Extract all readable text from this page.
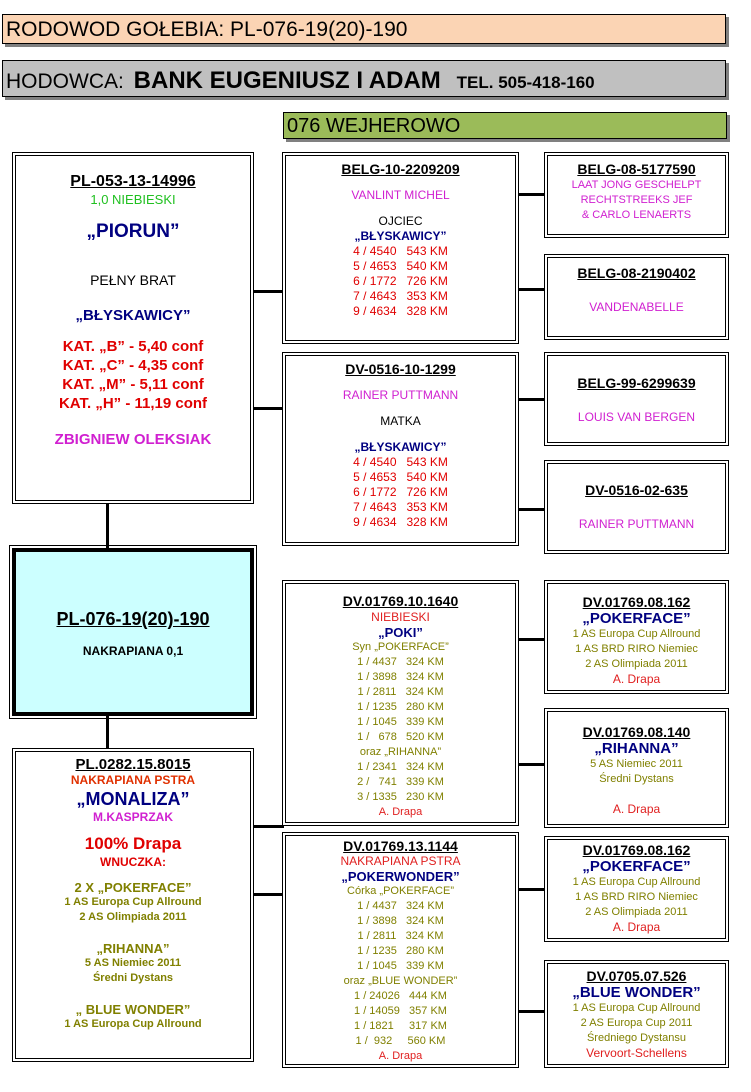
RODOWOD GOŁEBIA: PL-076-19(20)-190
HODOWCA: BANK EUGENIUSZ I ADAM TEL. 505-418-160
076 WEJHEROWO
PL-053-13-14996
1,0 NIEBIESKI
„PIORUN”
PEŁNY BRAT
„BŁYSKAWICY”
KAT. „B” - 5,40 conf
KAT. „C” - 4,35 conf
KAT. „M” - 5,11 conf
KAT. „H” - 11,19 conf
ZBIGNIEW OLEKSIAK
BELG-10-2209209
VANLINT MICHEL
OJCIEC
„BŁYSKAWICY”
4 / 4540   543 KM
5 / 4653   540 KM
6 / 1772   726 KM
7 / 4643   353 KM
9 / 4634   328 KM
DV-0516-10-1299
RAINER PUTTMANN
MATKA
„BŁYSKAWICY”
4 / 4540   543 KM
5 / 4653   540 KM
6 / 1772   726 KM
7 / 4643   353 KM
9 / 4634   328 KM
BELG-08-5177590
LAAT JONG GESCHELPT
RECHTSTREEKS JEF
& CARLO LENAERTS
BELG-08-2190402
VANDENABELLE
BELG-99-6299639
LOUIS VAN BERGEN
DV-0516-02-635
RAINER PUTTMANN
PL-076-19(20)-190
NAKRAPIANA 0,1
PL.0282.15.8015
NAKRAPIANA PSTRA
„MONALIZA”
M.KASPRZAK
100% Drapa
WNUCZKA:
2 X „POKERFACE”
1 AS Europa Cup Allround
2 AS Olimpiada 2011
„RIHANNA”
5 AS Niemiec 2011
Średni Dystans
„ BLUE WONDER”
1 AS Europa Cup Allround
DV.01769.10.1640
NIEBIESKI
„POKI”
Syn „POKERFACE”
1 / 4437   324 KM
1 / 3898   324 KM
1 / 2811   324 KM
1 / 1235   280 KM
1 / 1045   339 KM
1 /   678   520 KM
oraz „RIHANNA”
1 / 2341   324 KM
2 /   741   339 KM
3 / 1335   230 KM
A. Drapa
DV.01769.13.1144
NAKRAPIANA PSTRA
„POKERWONDER”
Córka „POKERFACE”
1 / 4437   324 KM
1 / 3898   324 KM
1 / 2811   324 KM
1 / 1235   280 KM
1 / 1045   339 KM
oraz „BLUE WONDER”
1 / 24026   444 KM
1 / 14059   357 KM
1 / 1821     317 KM
1 /  932     560 KM
A. Drapa
DV.01769.08.162
„POKERFACE”
1 AS Europa Cup Allround
1 AS BRD RIRO Niemiec
2 AS Olimpiada 2011
A. Drapa
DV.01769.08.140
„RIHANNA”
5 AS Niemiec 2011
Średni Dystans
A. Drapa
DV.01769.08.162
„POKERFACE”
1 AS Europa Cup Allround
1 AS BRD RIRO Niemiec
2 AS Olimpiada 2011
A. Drapa
DV.0705.07.526
„BLUE WONDER”
1 AS Europa Cup Allround
2 AS Europa Cup 2011
Średniego Dystansu
Vervoort-Schellens
